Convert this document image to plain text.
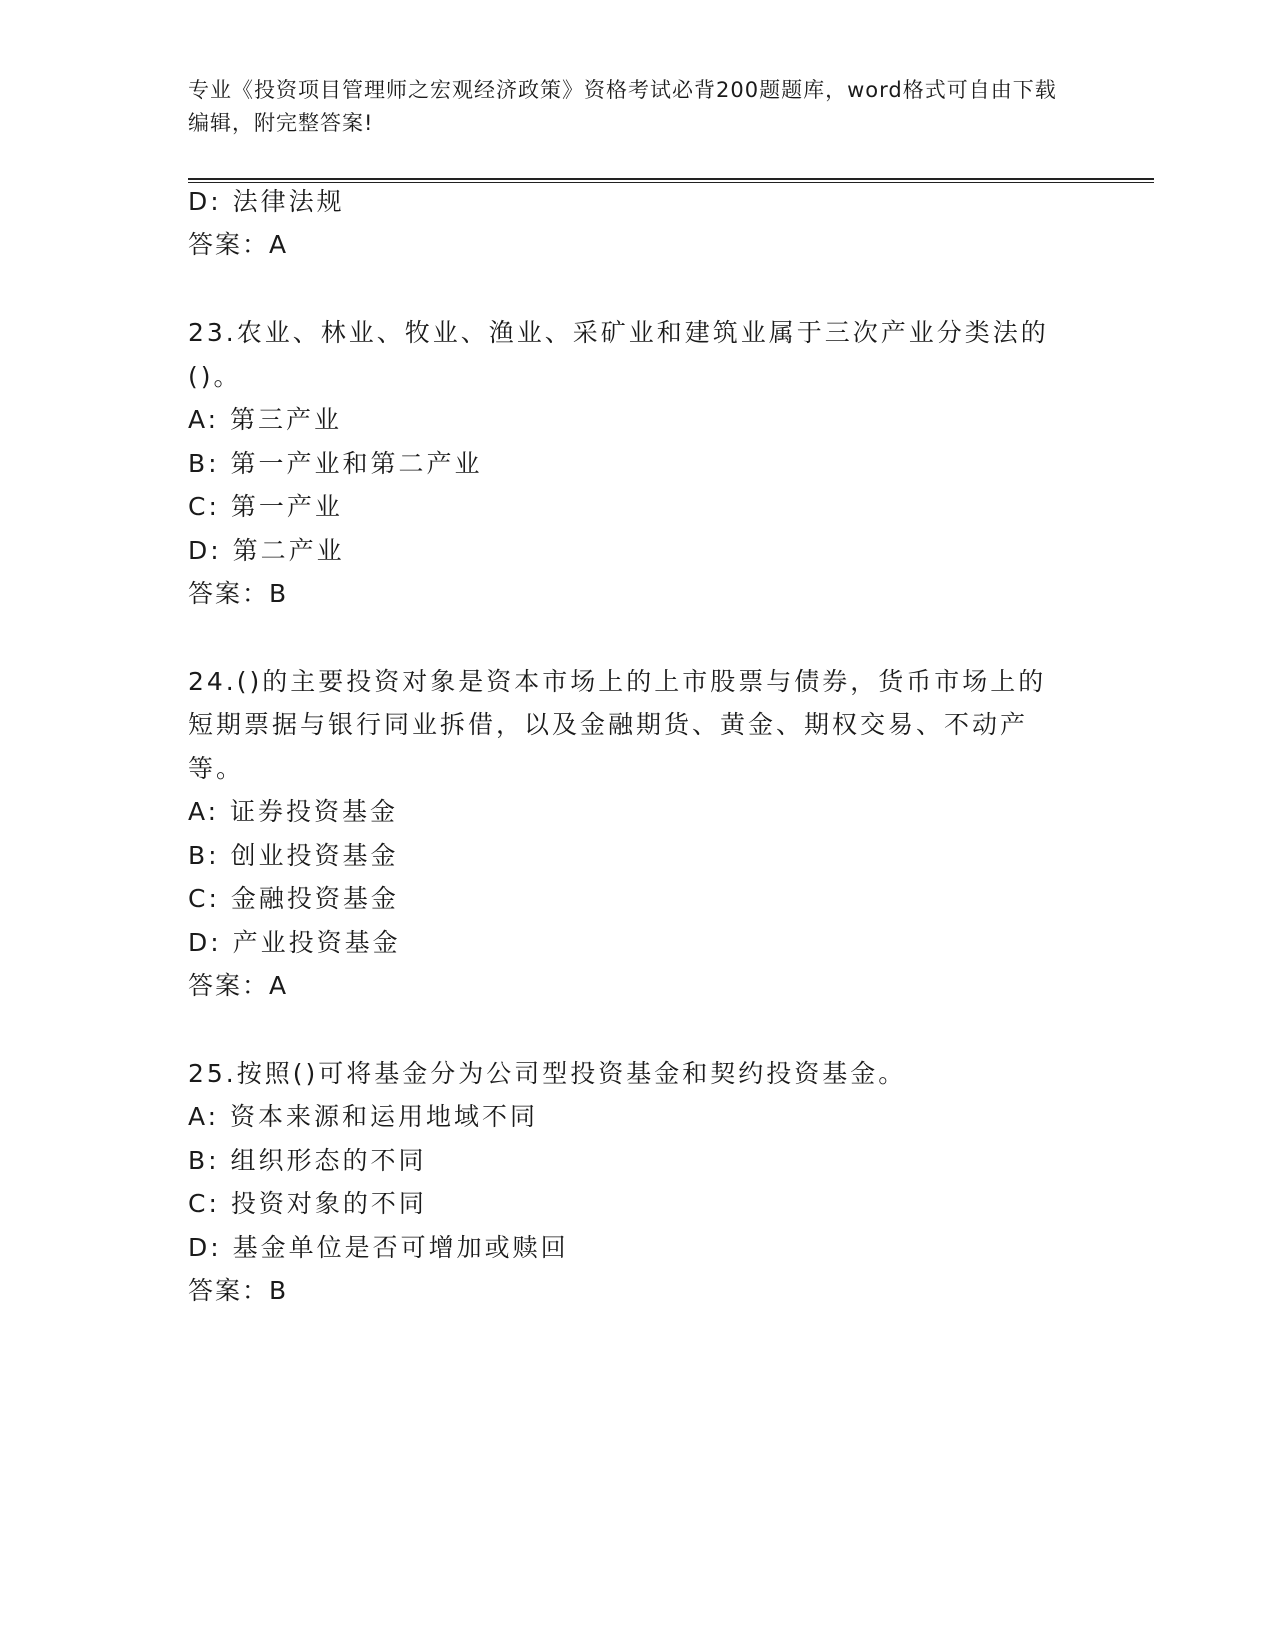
专业《投资项目管理师之宏观经济政策》资格考试必背200题题库，word格式可自由下载编辑，附完整答案!
D: 法律法规
答案：A
23.农业、林业、牧业、渔业、采矿业和建筑业属于三次产业分类法的
()。
A: 第三产业
B: 第一产业和第二产业
C: 第一产业
D: 第二产业
答案：B
24.()的主要投资对象是资本市场上的上市股票与债券，货币市场上的
短期票据与银行同业拆借，以及金融期货、黄金、期权交易、不动产
等。
A: 证券投资基金
B: 创业投资基金
C: 金融投资基金
D: 产业投资基金
答案：A
25.按照()可将基金分为公司型投资基金和契约投资基金。
A: 资本来源和运用地域不同
B: 组织形态的不同
C: 投资对象的不同
D: 基金单位是否可增加或赎回
答案：B
